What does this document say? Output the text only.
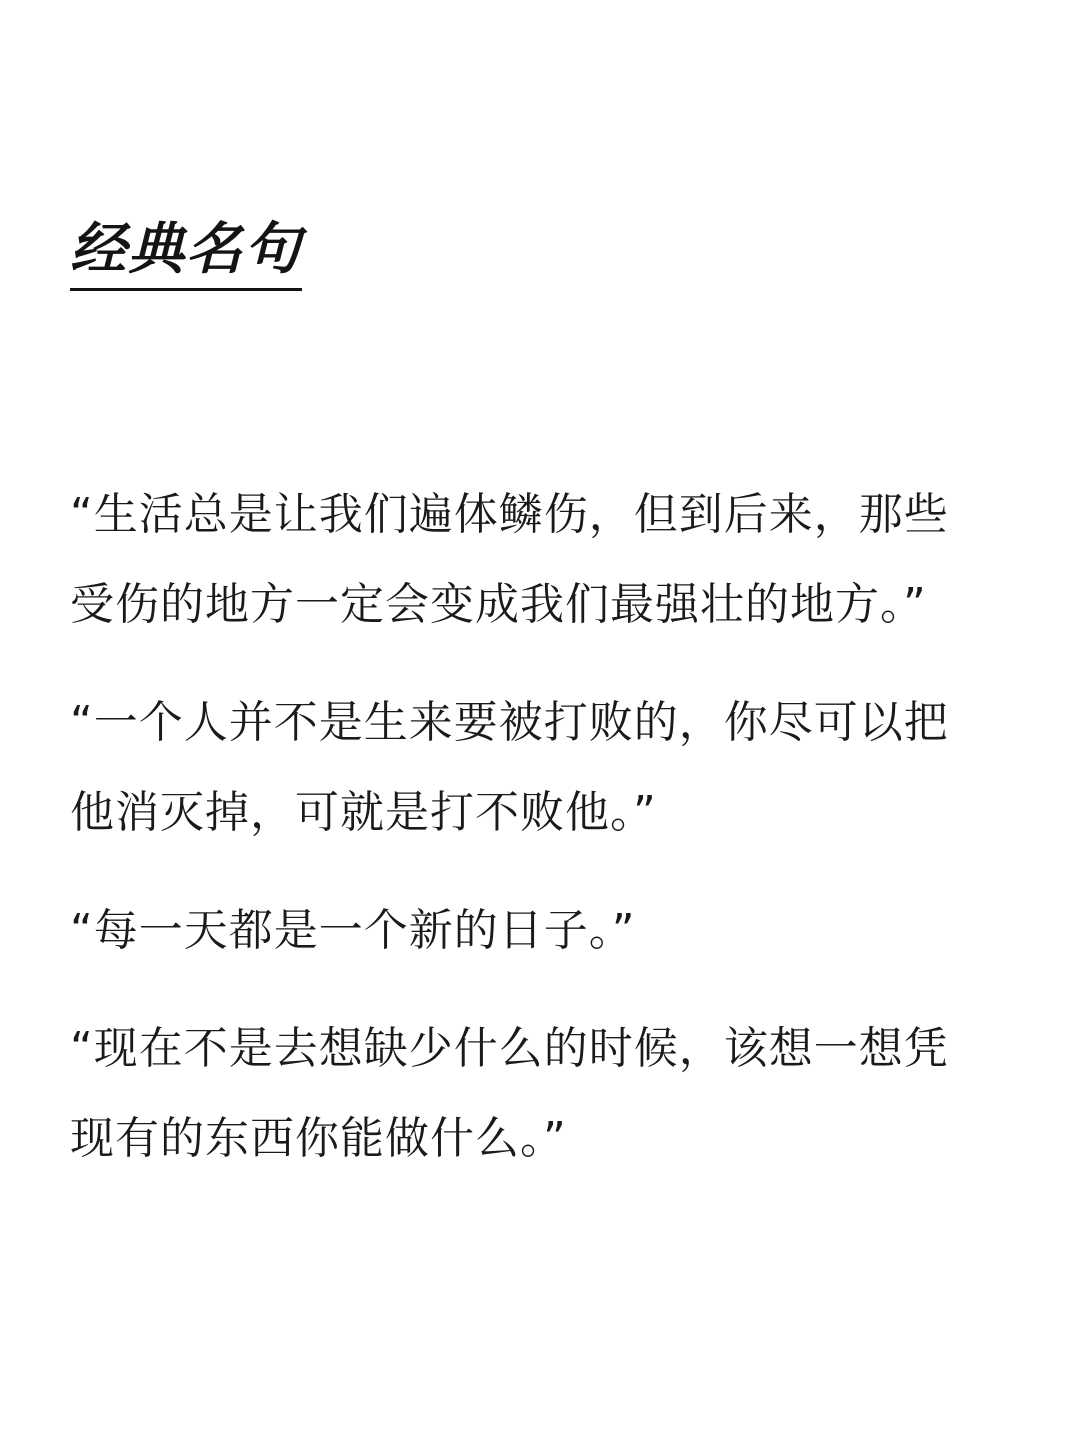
经典名句

“生活总是让我们遍体鳞伤，但到后来，那些受伤的地方一定会变成我们最强壮的地方。”

“一个人并不是生来要被打败的，你尽可以把他消灭掉，可就是打不败他。”

“每一天都是一个新的日子。”

“现在不是去想缺少什么的时候，该想一想凭现有的东西你能做什么。”
